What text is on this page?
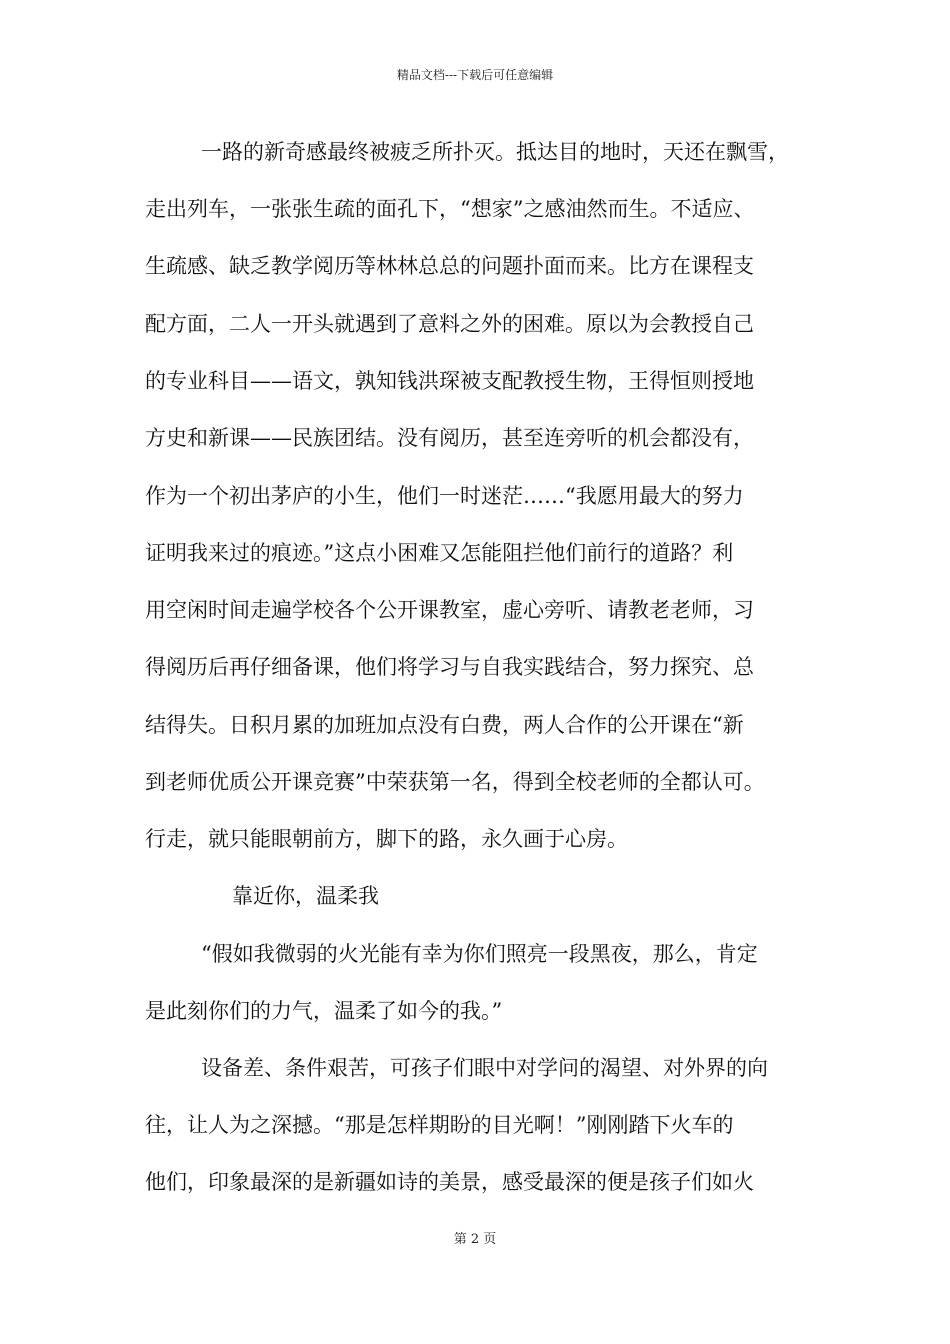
精品文档---下载后可任意编辑
一路的新奇感最终被疲乏所扑灭。抵达目的地时，天还在飘雪，
走出列车，一张张生疏的面孔下，“想家”之感油然而生。不适应、
生疏感、缺乏教学阅历等林林总总的问题扑面而来。比方在课程支
配方面，二人一开头就遇到了意料之外的困难。原以为会教授自己
的专业科目——语文，孰知钱洪琛被支配教授生物，王得恒则授地
方史和新课——民族团结。没有阅历，甚至连旁听的机会都没有，
作为一个初出茅庐的小生，他们一时迷茫……“我愿用最大的努力
证明我来过的痕迹。”这点小困难又怎能阻拦他们前行的道路？利
用空闲时间走遍学校各个公开课教室，虚心旁听、请教老老师，习
得阅历后再仔细备课，他们将学习与自我实践结合，努力探究、总
结得失。日积月累的加班加点没有白费，两人合作的公开课在“新
到老师优质公开课竞赛”中荣获第一名，得到全校老师的全都认可。
行走，就只能眼朝前方，脚下的路，永久画于心房。
靠近你，温柔我
“假如我微弱的火光能有幸为你们照亮一段黑夜，那么，肯定
是此刻你们的力气，温柔了如今的我。”
设备差、条件艰苦，可孩子们眼中对学问的渴望、对外界的向
往，让人为之深撼。“那是怎样期盼的目光啊！”刚刚踏下火车的
他们，印象最深的是新疆如诗的美景，感受最深的便是孩子们如火
第 2 页
